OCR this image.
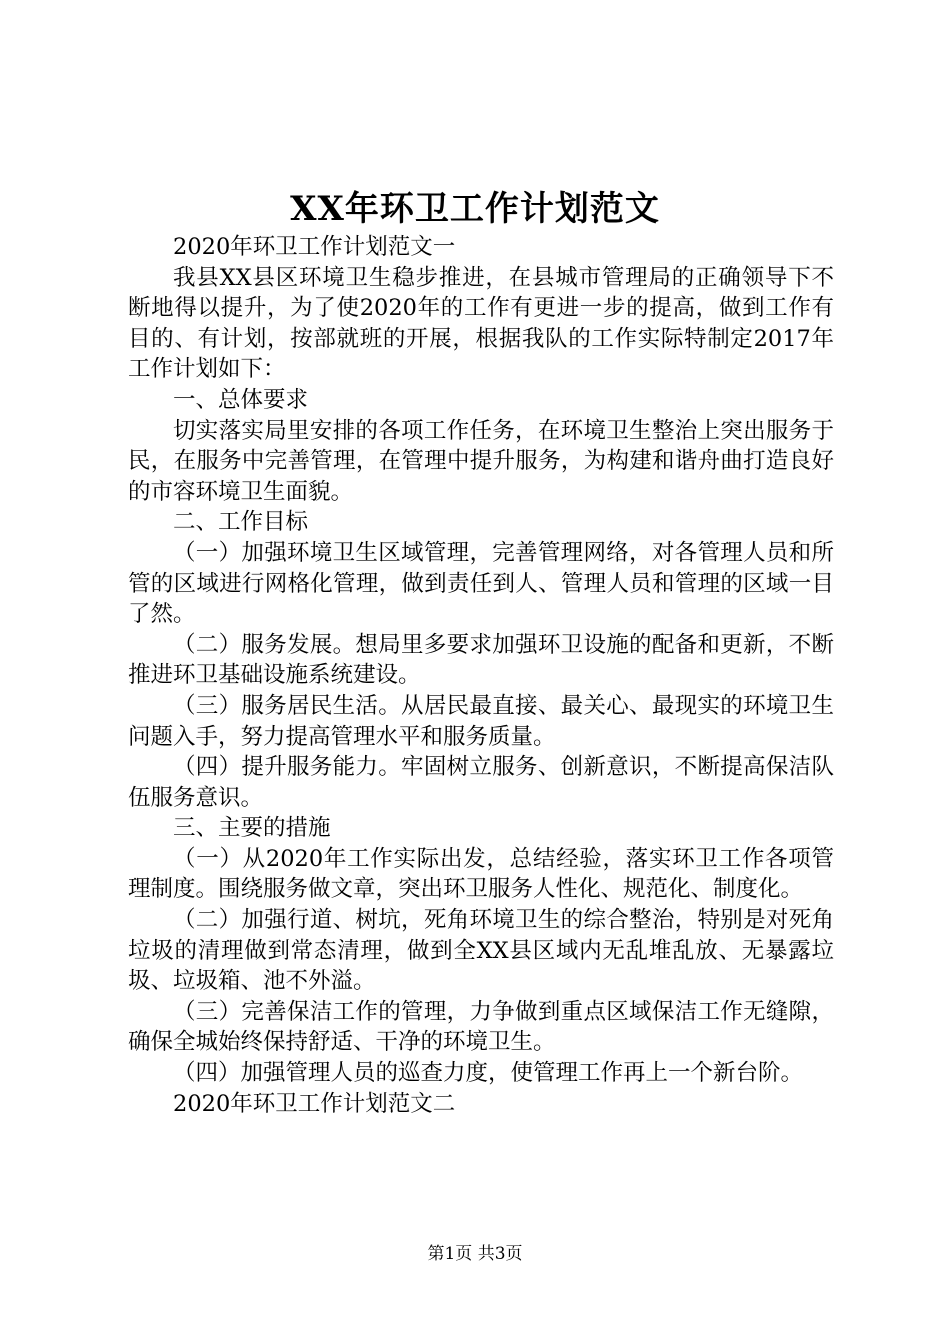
XX年环卫工作计划范文

2020年环卫工作计划范文一

我县XX县区环境卫生稳步推进，在县城市管理局的正确领导下不断地得以提升，为了使2020年的工作有更进一步的提高，做到工作有目的、有计划，按部就班的开展，根据我队的工作实际特制定2017年工作计划如下：

一、总体要求

切实落实局里安排的各项工作任务，在环境卫生整治上突出服务于民，在服务中完善管理，在管理中提升服务，为构建和谐舟曲打造良好的市容环境卫生面貌。

二、工作目标

（一）加强环境卫生区域管理，完善管理网络，对各管理人员和所管的区域进行网格化管理，做到责任到人、管理人员和管理的区域一目了然。

（二）服务发展。想局里多要求加强环卫设施的配备和更新，不断推进环卫基础设施系统建设。

（三）服务居民生活。从居民最直接、最关心、最现实的环境卫生问题入手，努力提高管理水平和服务质量。

（四）提升服务能力。牢固树立服务、创新意识，不断提高保洁队伍服务意识。

三、主要的措施

（一）从2020年工作实际出发，总结经验，落实环卫工作各项管理制度。围绕服务做文章，突出环卫服务人性化、规范化、制度化。

（二）加强行道、树坑，死角环境卫生的综合整治，特别是对死角垃圾的清理做到常态清理，做到全XX县区域内无乱堆乱放、无暴露垃圾、垃圾箱、池不外溢。

（三）完善保洁工作的管理，力争做到重点区域保洁工作无缝隙，确保全城始终保持舒适、干净的环境卫生。

（四）加强管理人员的巡查力度，使管理工作再上一个新台阶。

2020年环卫工作计划范文二

第1页 共3页
